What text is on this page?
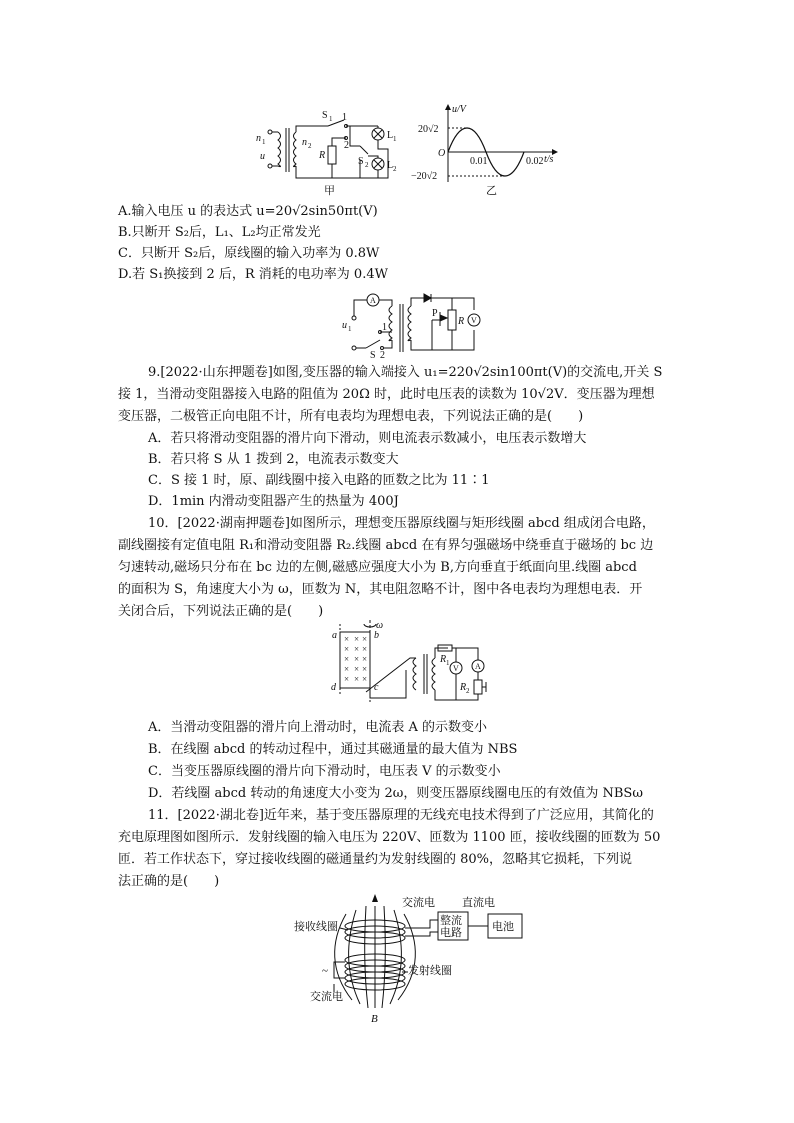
n 1
u
n 2
R
S 1 1
2
L 1
L 2
S 2
甲
u/V
20√2
−20√2
O
0.01	0.02 t/s
乙
A.输入电压 u 的表达式 u=20√2sin50πt(V)
B.只断开 S₂后，L₁、L₂均正常发光
C．只断开 S₂后，原线圈的输入功率为 0.8W
D.若 S₁换接到 2 后，R 消耗的电功率为 0.4W
A
V
u 1
P
R
S
1
2
9.[2022·山东押题卷]如图,变压器的输入端接入 u₁=220√2sin100πt(V)的交流电,开关 S
接 1，当滑动变阻器接入电路的阻值为 20Ω 时，此时电压表的读数为 10√2V．变压器为理想
变压器，二极管正向电阻不计，所有电表均为理想电表，下列说法正确的是(　　)
A．若只将滑动变阻器的滑片向下滑动，则电流表示数减小，电压表示数增大
B．若只将 S 从 1 拨到 2，电流表示数变大
C．S 接 1 时，原、副线圈中接入电路的匝数之比为 11∶1
D．1min 内滑动变阻器产生的热量为 400J
10．[2022·湖南押题卷]如图所示，理想变压器原线圈与矩形线圈 abcd 组成闭合电路，
副线圈接有定值电阻 R₁和滑动变阻器 R₂.线圈 abcd 在有界匀强磁场中绕垂直于磁场的 bc 边
匀速转动,磁场只分布在 bc 边的左侧,磁感应强度大小为 B,方向垂直于纸面向里.线圈 abcd
的面积为 S，角速度大小为 ω，匝数为 N，其电阻忽略不计，图中各电表均为理想电表．开
关闭合后，下列说法正确的是(　　)
× × ×
× × ×
× × ×
× × ×
× × ×
ω
a	b
c
d
R 1
R 2
A
V
A．当滑动变阻器的滑片向上滑动时，电流表 A 的示数变小
B．在线圈 abcd 的转动过程中，通过其磁通量的最大值为 NBS
C．当变压器原线圈的滑片向下滑动时，电压表 V 的示数变小
D．若线圈 abcd 转动的角速度大小变为 2ω，则变压器原线圈电压的有效值为 NBSω
11．[2022·湖北卷]近年来，基于变压器原理的无线充电技术得到了广泛应用，其简化的
充电原理图如图所示．发射线圈的输入电压为 220V、匝数为 1100 匝，接收线圈的匝数为 50
匝．若工作状态下，穿过接收线圈的磁通量约为发射线圈的 80%，忽略其它损耗，下列说
法正确的是(　　)
交流电 直流电
整流
电路	电池
接收线圈
发射线圈
~
交流电
B
